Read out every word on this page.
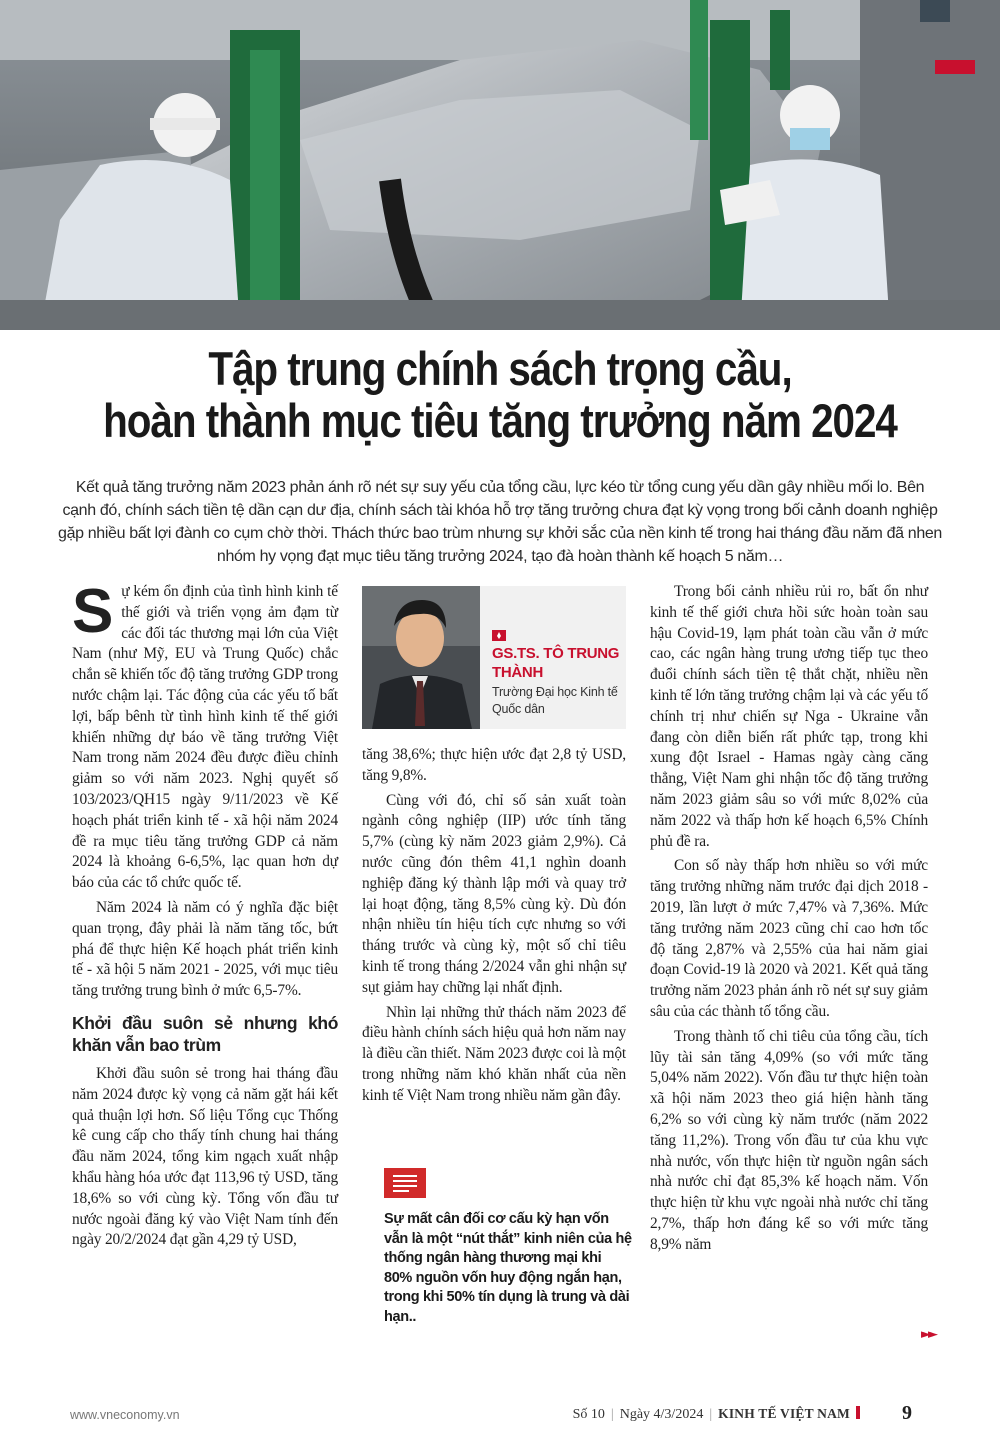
Tập trung chính sách trọng cầu,
hoàn thành mục tiêu tăng trưởng năm 2024
Kết quả tăng trưởng năm 2023 phản ánh rõ nét sự suy yếu của tổng cầu, lực kéo từ tổng cung yếu dần gây nhiều mối lo. Bên cạnh đó, chính sách tiền tệ dần cạn dư địa, chính sách tài khóa hỗ trợ tăng trưởng chưa đạt kỳ vọng trong bối cảnh doanh nghiệp gặp nhiều bất lợi đành co cụm chờ thời. Thách thức bao trùm nhưng sự khởi sắc của nền kinh tế trong hai tháng đầu năm đã nhen nhóm hy vọng đạt mục tiêu tăng trưởng 2024, tạo đà hoàn thành kế hoạch 5 năm…

Sự kém ổn định của tình hình kinh tế thế giới và triển vọng ảm đạm từ các đối tác thương mại lớn của Việt Nam (như Mỹ, EU và Trung Quốc) chắc chắn sẽ khiến tốc độ tăng trưởng GDP trong nước chậm lại. Tác động của các yếu tố bất lợi, bấp bênh từ tình hình kinh tế thế giới khiến những dự báo về tăng trưởng Việt Nam trong năm 2024 đều được điều chỉnh giảm so với năm 2023. Nghị quyết số 103/2023/QH15 ngày 9/11/2023 về Kế hoạch phát triển kinh tế - xã hội năm 2024 đề ra mục tiêu tăng trưởng GDP cả năm 2024 là khoảng 6-6,5%, lạc quan hơn dự báo của các tổ chức quốc tế.

Năm 2024 là năm có ý nghĩa đặc biệt quan trọng, đây phải là năm tăng tốc, bứt phá để thực hiện Kế hoạch phát triển kinh tế - xã hội 5 năm 2021 - 2025, với mục tiêu tăng trưởng trung bình ở mức 6,5-7%.

Khởi đầu suôn sẻ nhưng khó khăn vẫn bao trùm

Khởi đầu suôn sẻ trong hai tháng đầu năm 2024 được kỳ vọng cả năm gặt hái kết quả thuận lợi hơn. Số liệu Tổng cục Thống kê cung cấp cho thấy tính chung hai tháng đầu năm 2024, tổng kim ngạch xuất nhập khẩu hàng hóa ước đạt 113,96 tỷ USD, tăng 18,6% so với cùng kỳ. Tổng vốn đầu tư nước ngoài đăng ký vào Việt Nam tính đến ngày 20/2/2024 đạt gần 4,29 tỷ USD,

GS.TS. TÔ TRUNG THÀNH
Trường Đại học Kinh tế Quốc dân

tăng 38,6%; thực hiện ước đạt 2,8 tỷ USD, tăng 9,8%.

Cùng với đó, chỉ số sản xuất toàn ngành công nghiệp (IIP) ước tính tăng 5,7% (cùng kỳ năm 2023 giảm 2,9%). Cả nước cũng đón thêm 41,1 nghìn doanh nghiệp đăng ký thành lập mới và quay trở lại hoạt động, tăng 8,5% cùng kỳ. Dù đón nhận nhiều tín hiệu tích cực nhưng so với tháng trước và cùng kỳ, một số chỉ tiêu kinh tế trong tháng 2/2024 vẫn ghi nhận sự sụt giảm hay chững lại nhất định.

Nhìn lại những thử thách năm 2023 để điều hành chính sách hiệu quả hơn năm nay là điều cần thiết. Năm 2023 được coi là một trong những năm khó khăn nhất của nền kinh tế Việt Nam trong nhiều năm gần đây.

Sự mất cân đối cơ cấu kỳ hạn vốn vẫn là một “nút thắt” kinh niên của hệ thống ngân hàng thương mại khi 80% nguồn vốn huy động ngắn hạn, trong khi 50% tín dụng là trung và dài hạn..

Trong bối cảnh nhiều rủi ro, bất ổn như kinh tế thế giới chưa hồi sức hoàn toàn sau hậu Covid-19, lạm phát toàn cầu vẫn ở mức cao, các ngân hàng trung ương tiếp tục theo đuổi chính sách tiền tệ thắt chặt, nhiều nền kinh tế lớn tăng trưởng chậm lại và các yếu tố chính trị như chiến sự Nga - Ukraine vẫn đang còn diễn biến rất phức tạp, trong khi xung đột Israel - Hamas ngày càng căng thẳng, Việt Nam ghi nhận tốc độ tăng trưởng năm 2023 giảm sâu so với mức 8,02% của năm 2022 và thấp hơn kế hoạch 6,5% Chính phủ đề ra.

Con số này thấp hơn nhiều so với mức tăng trưởng những năm trước đại dịch 2018 - 2019, lần lượt ở mức 7,47% và 7,36%. Mức tăng trưởng năm 2023 cũng chỉ cao hơn tốc độ tăng 2,87% và 2,55% của hai năm giai đoạn Covid-19 là 2020 và 2021. Kết quả tăng trưởng năm 2023 phản ánh rõ nét sự suy giảm sâu của các thành tố tổng cầu.

Trong thành tố chi tiêu của tổng cầu, tích lũy tài sản tăng 4,09% (so với mức tăng 5,04% năm 2022). Vốn đầu tư thực hiện toàn xã hội năm 2023 theo giá hiện hành tăng 6,2% so với cùng kỳ năm trước (năm 2022 tăng 11,2%). Trong vốn đầu tư của khu vực nhà nước, vốn thực hiện từ nguồn ngân sách nhà nước chỉ đạt 85,3% kế hoạch năm. Vốn thực hiện từ khu vực ngoài nhà nước chỉ tăng 2,7%, thấp hơn đáng kể so với mức tăng 8,9% năm

►►
www.vneconomy.vn	Số 10 | Ngày 4/3/2024 | KINH TẾ VIỆT NAM	9
